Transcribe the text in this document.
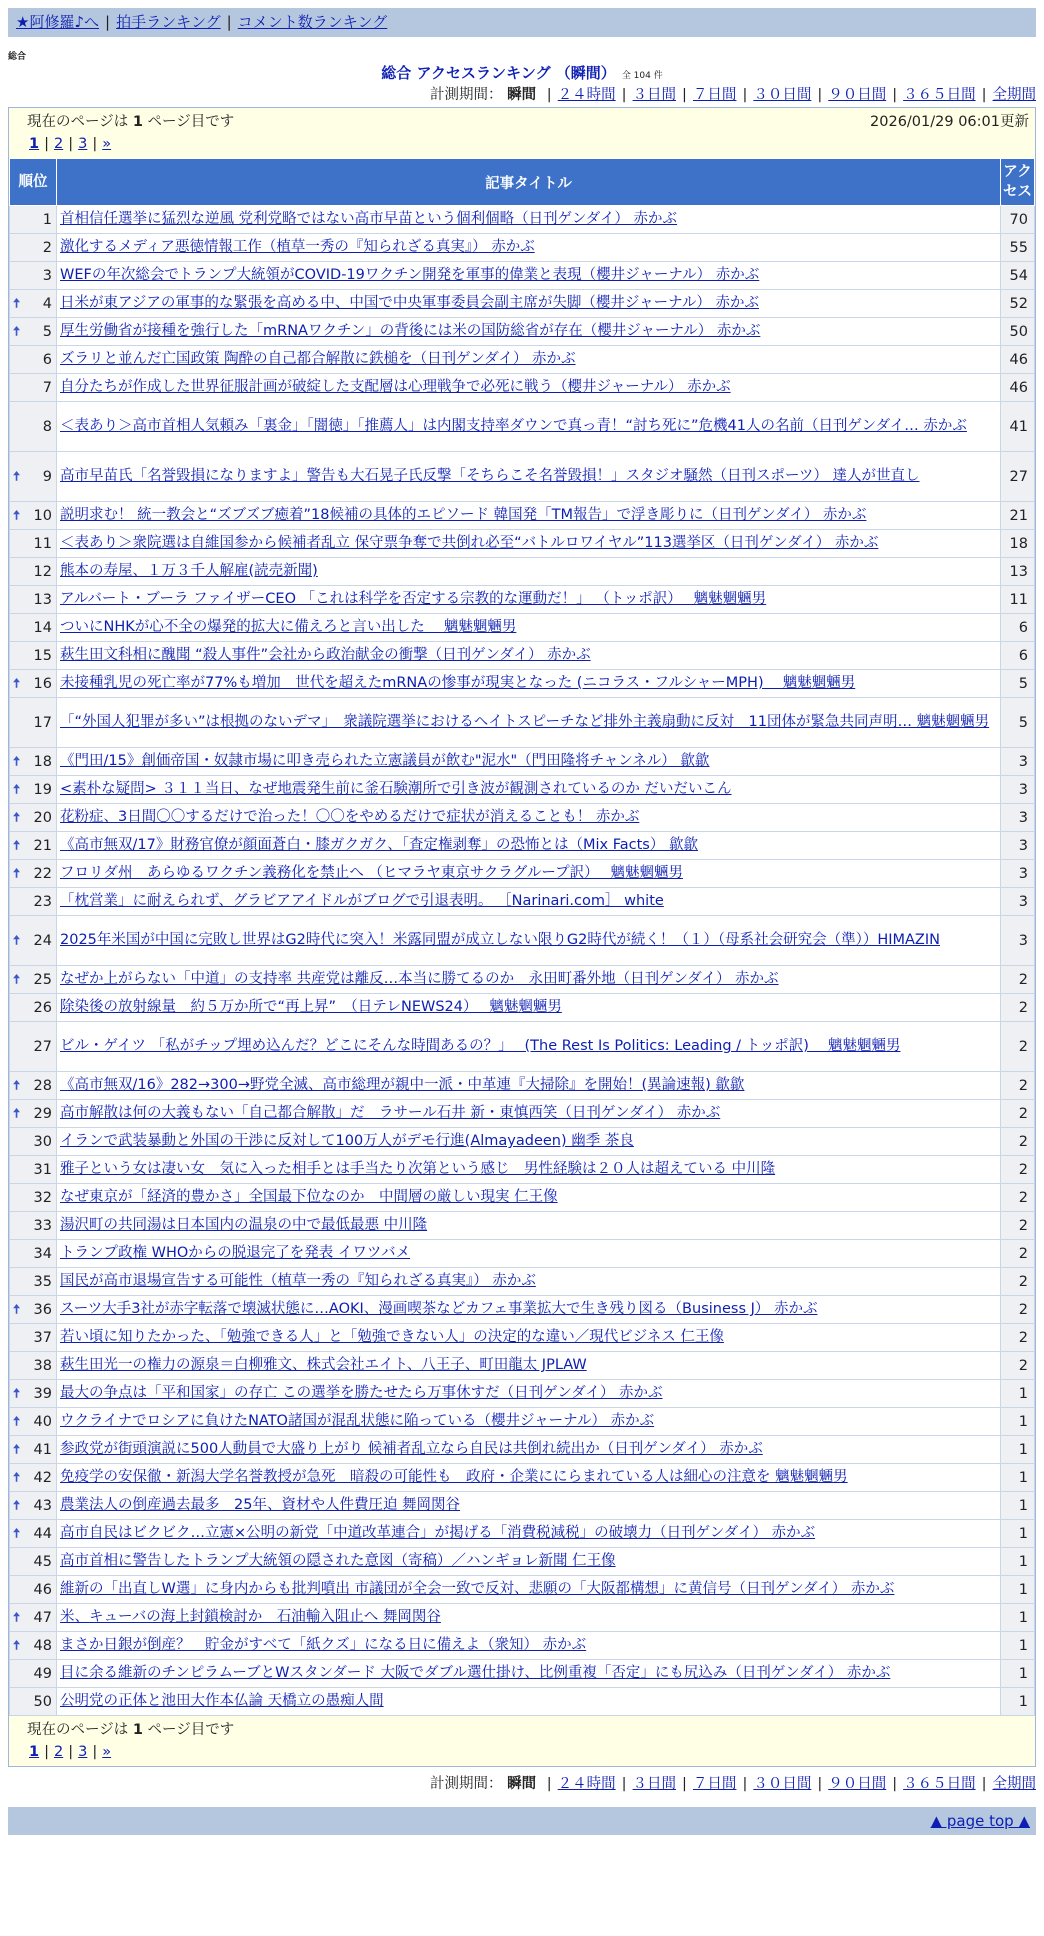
★阿修羅♪へ | 拍手ランキング | コメント数ランキング
総合
総合 アクセスランキング （瞬間） 全 104 件
計測期間： 瞬間 | ２４時間 | ３日間 | ７日間 | ３０日間 | ９０日間 | ３６５日間 | 全期間
現在のページは 1 ページ目です	2026/01/29 06:01更新
1 | 2 | 3 | »
順位	記事タイトル	アクセス
1	首相信任選挙に猛烈な逆風 党利党略ではない高市早苗という個利個略（日刊ゲンダイ） 赤かぶ	70
2	激化するメディア悪徳情報工作（植草一秀の『知られざる真実』） 赤かぶ	55
3	WEFの年次総会でトランプ大統領がCOVID-19ワクチン開発を軍事的偉業と表現（櫻井ジャーナル） 赤かぶ	54

🠅 4	日米が東アジアの軍事的な緊張を高める中、中国で中央軍事委員会副主席が失脚（櫻井ジャーナル） 赤かぶ	52

🠅 5	厚生労働省が接種を強行した「mRNAワクチン」の背後には米の国防総省が存在（櫻井ジャーナル） 赤かぶ	50
6	ズラリと並んだ亡国政策 陶酔の自己都合解散に鉄槌を（日刊ゲンダイ） 赤かぶ	46
7	自分たちが作成した世界征服計画が破綻した支配層は心理戦争で必死に戦う（櫻井ジャーナル） 赤かぶ	46
8	＜表あり＞高市首相人気頼み「裏金」「闇徳」「推薦人」は内閣支持率ダウンで真っ青！“討ち死に”危機41人の名前（日刊ゲンダイ… 赤かぶ	41

🠅 9	高市早苗氏「名誉毀損になりますよ」警告も大石晃子氏反撃「そちらこそ名誉毀損！」スタジオ騒然（日刊スポーツ） 達人が世直し	27

🠅 10	説明求む！ 統一教会と“ズブズブ癒着”18候補の具体的エピソード 韓国発「TM報告」で浮き彫りに（日刊ゲンダイ） 赤かぶ	21
11	＜表あり＞衆院選は自維国参から候補者乱立 保守票争奪で共倒れ必至“バトルロワイヤル”113選挙区（日刊ゲンダイ） 赤かぶ	18
12	熊本の寿屋、１万３千人解雇(読売新聞)	13
13	アルバート・ブーラ ファイザーCEO 「これは科学を否定する宗教的な運動だ！」 （トッポ訳）　 魑魅魍魎男	11
14	ついにNHKが心不全の爆発的拡大に備えろと言い出した　 魑魅魍魎男	6
15	萩生田文科相に醜聞 “殺人事件”会社から政治献金の衝撃（日刊ゲンダイ） 赤かぶ	6

🠅 16	未接種乳児の死亡率が77%も増加　世代を超えたmRNAの惨事が現実となった (ニコラス・フルシャーMPH)　 魑魅魍魎男	5
17	「“外国人犯罪が多い”は根拠のないデマ」　衆議院選挙におけるヘイトスピーチなど排外主義扇動に反対　11団体が緊急共同声明… 魑魅魍魎男	5

🠅 18	《門田/15》創価帝国・奴隷市場に叩き売られた立憲議員が飲む"泥水"（門田隆将チャンネル） 歙歙	3

🠅 19	<素朴な疑問> ３１１当日、なぜ地震発生前に釜石験潮所で引き波が観測されているのか だいだいこん	3

🠅 20	花粉症、3日間〇〇するだけで治った！〇〇をやめるだけで症状が消えることも！ 赤かぶ	3

🠅 21	《高市無双/17》財務官僚が顔面蒼白・膝ガクガク、「査定権剥奪」の恐怖とは（Mix Facts） 歙歙	3

🠅 22	フロリダ州　あらゆるワクチン義務化を禁止へ （ヒマラヤ東京サクラグループ訳）　 魑魅魍魎男	3
23	「枕営業」に耐えられず、グラビアアイドルがブログで引退表明。 ［Narinari.com］ white	3

🠅 24	2025年米国が中国に完敗し世界はG2時代に突入！米露同盟が成立しない限りG2時代が続く！（１）（母系社会研究会（準））HIMAZIN	3

🠅 25	なぜか上がらない「中道」の支持率 共産党は離反…本当に勝てるのか　永田町番外地（日刊ゲンダイ） 赤かぶ	2
26	除染後の放射線量　約５万か所で“再上昇”　（日テレNEWS24）　 魑魅魍魎男	2
27	ビル・ゲイツ 「私がチップ埋め込んだ？どこにそんな時間あるの？」　 (The Rest Is Politics: Leading / トッポ訳)　 魑魅魍魎男	2

🠅 28	《高市無双/16》282→300→野党全滅、高市総理が親中一派・中革連『大掃除』を開始！(異論速報) 歙歙	2

🠅 29	高市解散は何の大義もない「自己都合解散」だ　ラサール石井 新・東慎西笑（日刊ゲンダイ） 赤かぶ	2
30	イランで武装暴動と外国の干渉に反対して100万人がデモ行進(Almayadeen) 幽季 茶良	2
31	雅子という女は凄い女＿気に入った相手とは手当たり次第という感じ＿男性経験は２０人は超えている 中川隆	2
32	なぜ東京が「経済的豊かさ」全国最下位なのか　中間層の厳しい現実 仁王像	2
33	湯沢町の共同湯は日本国内の温泉の中で最低最悪 中川隆	2
34	トランプ政権 WHOからの脱退完了を発表 イワツバメ	2
35	国民が高市退場宣告する可能性（植草一秀の『知られざる真実』） 赤かぶ	2

🠅 36	スーツ大手3社が赤字転落で壊滅状態に…AOKI、漫画喫茶などカフェ事業拡大で生き残り図る（Business J） 赤かぶ	2
37	若い頃に知りたかった、「勉強できる人」と「勉強できない人」の決定的な違い／現代ビジネス 仁王像	2
38	萩生田光一の権力の源泉＝白柳雅文、株式会社エイト、八王子、町田龍太 JPLAW	2

🠅 39	最大の争点は「平和国家」の存亡 この選挙を勝たせたら万事休すだ（日刊ゲンダイ） 赤かぶ	1

🠅 40	ウクライナでロシアに負けたNATO諸国が混乱状態に陥っている（櫻井ジャーナル） 赤かぶ	1

🠅 41	参政党が街頭演説に500人動員で大盛り上がり 候補者乱立なら自民は共倒れ続出か（日刊ゲンダイ） 赤かぶ	1

🠅 42	免疫学の安保徹・新潟大学名誉教授が急死　暗殺の可能性も　政府・企業ににらまれている人は細心の注意を 魑魅魍魎男	1

🠅 43	農業法人の倒産過去最多　25年、資材や人件費圧迫 舞岡関谷	1

🠅 44	高市自民はビクビク…立憲×公明の新党「中道改革連合」が掲げる「消費税減税」の破壊力（日刊ゲンダイ） 赤かぶ	1
45	高市首相に警告したトランプ大統領の隠された意図（寄稿）／ハンギョレ新聞 仁王像	1
46	維新の「出直しW選」に身内からも批判噴出 市議団が全会一致で反対、悲願の「大阪都構想」に黄信号（日刊ゲンダイ） 赤かぶ	1

🠅 47	米、キューバの海上封鎖検討か　石油輸入阻止へ 舞岡関谷	1

🠅 48	まさか日銀が倒産？　貯金がすべて「紙クズ」になる日に備えよ（衆知） 赤かぶ	1
49	目に余る維新のチンピラムーブとWスタンダード 大阪でダブル選仕掛け、比例重複「否定」にも尻込み（日刊ゲンダイ） 赤かぶ	1
50	公明党の正体と池田大作本仏論 天橋立の愚痴人間	1
現在のページは 1 ページ目です
1 | 2 | 3 | »
計測期間： 瞬間 | ２４時間 | ３日間 | ７日間 | ３０日間 | ９０日間 | ３６５日間 | 全期間
▲ page top ▲
